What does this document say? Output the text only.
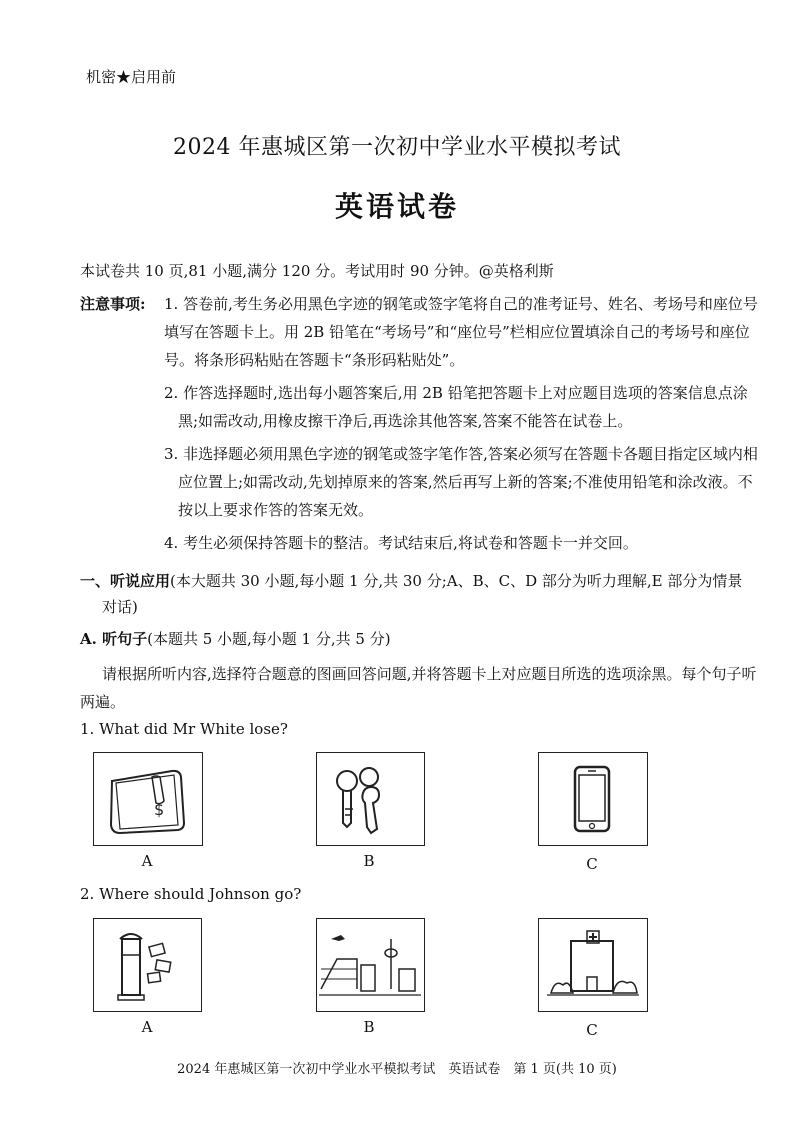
机密★启用前
2024 年惠城区第一次初中学业水平模拟考试
英语试卷
本试卷共 10 页,81 小题,满分 120 分。考试用时 90 分钟。@英格利斯
注意事项:	1. 答卷前,考生务必用黑色字迹的钢笔或签字笔将自己的准考证号、姓名、考场号和座位号填写在答题卡上。用 2B 铅笔在“考场号”和“座位号”栏相应位置填涂自己的考场号和座位号。将条形码粘贴在答题卡“条形码粘贴处”。
2. 作答选择题时,选出每小题答案后,用 2B 铅笔把答题卡上对应题目选项的答案信息点涂黑;如需改动,用橡皮擦干净后,再选涂其他答案,答案不能答在试卷上。
3. 非选择题必须用黑色字迹的钢笔或签字笔作答,答案必须写在答题卡各题目指定区域内相应位置上;如需改动,先划掉原来的答案,然后再写上新的答案;不准使用铅笔和涂改液。不按以上要求作答的答案无效。
4. 考生必须保持答题卡的整洁。考试结束后,将试卷和答题卡一并交回。
一、听说应用(本大题共 30 小题,每小题 1 分,共 30 分;A、B、C、D 部分为听力理解,E 部分为情景
对话)
A. 听句子(本题共 5 小题,每小题 1 分,共 5 分)
请根据所听内容,选择符合题意的图画回答问题,并将答题卡上对应题目所选的选项涂黑。每个句子听两遍。
1. What did Mr White lose?
$
A	B	C
2. Where should Johnson go?
A	B	C
2024 年惠城区第一次初中学业水平模拟考试　英语试卷　第 1 页(共 10 页)
